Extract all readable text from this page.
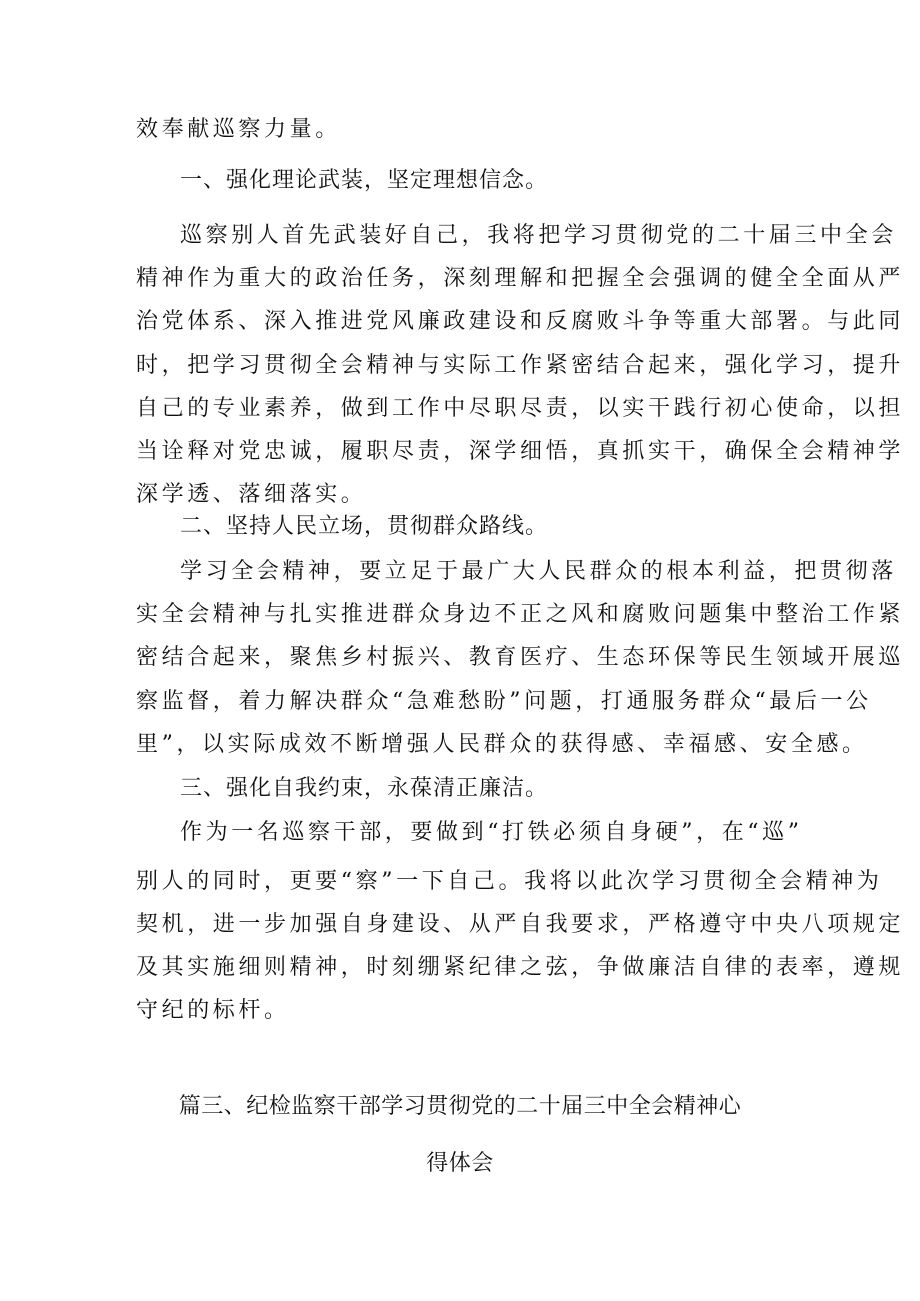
效奉献巡察力量。
一、强化理论武装，坚定理想信念。
巡察别人首先武装好自己，我将把学习贯彻党的二十届三中全会
精神作为重大的政治任务，深刻理解和把握全会强调的健全全面从严
治党体系、深入推进党风廉政建设和反腐败斗争等重大部署。与此同
时，把学习贯彻全会精神与实际工作紧密结合起来，强化学习，提升
自己的专业素养，做到工作中尽职尽责，以实干践行初心使命，以担
当诠释对党忠诚，履职尽责，深学细悟，真抓实干，确保全会精神学
深学透、落细落实。
二、坚持人民立场，贯彻群众路线。
学习全会精神，要立足于最广大人民群众的根本利益，把贯彻落
实全会精神与扎实推进群众身边不正之风和腐败问题集中整治工作紧
密结合起来，聚焦乡村振兴、教育医疗、生态环保等民生领域开展巡
察监督，着力解决群众“急难愁盼”问题，打通服务群众“最后一公
里”，以实际成效不断增强人民群众的获得感、幸福感、安全感。
三、强化自我约束，永葆清正廉洁。
作为一名巡察干部，要做到“打铁必须自身硬”，在“巡”
别人的同时，更要“察”一下自己。我将以此次学习贯彻全会精神为
契机，进一步加强自身建设、从严自我要求，严格遵守中央八项规定
及其实施细则精神，时刻绷紧纪律之弦，争做廉洁自律的表率，遵规
守纪的标杆。
篇三、纪检监察干部学习贯彻党的二十届三中全会精神心
得体会
